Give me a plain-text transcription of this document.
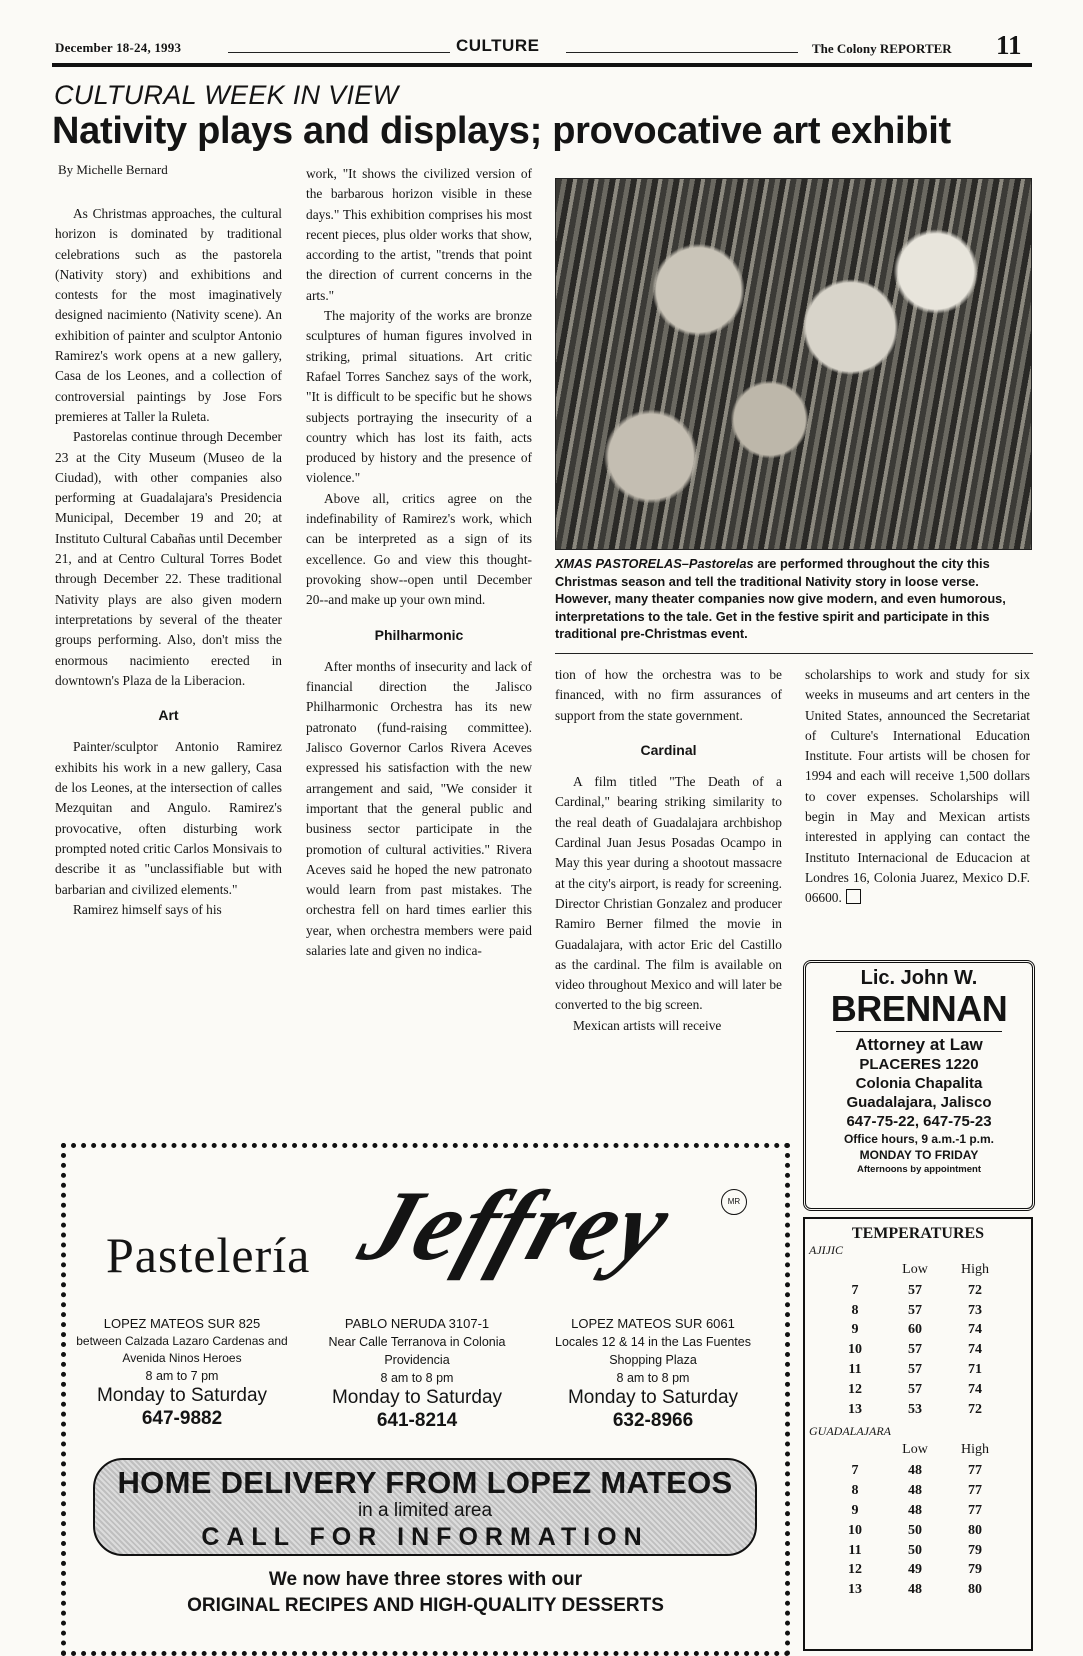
December 18-24, 1993	CULTURE	The Colony REPORTER 11
CULTURAL WEEK IN VIEW
Nativity plays and displays; provocative art exhibit
By Michelle Bernard

As Christmas approaches, the cultural horizon is dominated by traditional celebrations such as the pastorela (Nativity story) and exhibitions and contests for the most imaginatively designed nacimiento (Nativity scene). An exhibition of painter and sculptor Antonio Ramirez's work opens at a new gallery, Casa de los Leones, and a collection of controversial paintings by Jose Fors premieres at Taller la Ruleta.

Pastorelas continue through December 23 at the City Museum (Museo de la Ciudad), with other companies also performing at Guadalajara's Presidencia Municipal, December 19 and 20; at Instituto Cultural Cabañas until December 21, and at Centro Cultural Torres Bodet through December 22. These traditional Nativity plays are also given modern interpretations by several of the theater groups performing. Also, don't miss the enormous nacimiento erected in downtown's Plaza de la Liberacion.

Art

Painter/sculptor Antonio Ramirez exhibits his work in a new gallery, Casa de los Leones, at the intersection of calles Mezquitan and Angulo. Ramirez's provocative, often disturbing work prompted noted critic Carlos Monsivais to describe it as "unclassifiable but with barbarian and civilized elements."

Ramirez himself says of his

work, "It shows the civilized version of the barbarous horizon visible in these days." This exhibition comprises his most recent pieces, plus older works that show, according to the artist, "trends that point the direction of current concerns in the arts."

The majority of the works are bronze sculptures of human figures involved in striking, primal situations. Art critic Rafael Torres Sanchez says of the work, "It is difficult to be specific but he shows subjects portraying the insecurity of a country which has lost its faith, acts produced by history and the presence of violence."

Above all, critics agree on the indefinability of Ramirez's work, which can be interpreted as a sign of its excellence. Go and view this thought-provoking show--open until December 20--and make up your own mind.

Philharmonic

After months of insecurity and lack of financial direction the Jalisco Philharmonic Orchestra has its new patronato (fund-raising committee). Jalisco Governor Carlos Rivera Aceves expressed his satisfaction with the new arrangement and said, "We consider it important that the general public and business sector participate in the promotion of cultural activities." Rivera Aceves said he hoped the new patronato would learn from past mistakes. The orchestra fell on hard times earlier this year, when orchestra members were paid salaries late and given no indica-

XMAS PASTORELAS–Pastorelas are performed throughout the city this Christmas season and tell the traditional Nativity story in loose verse. However, many theater companies now give modern, and even humorous, interpretations to the tale. Get in the festive spirit and participate in this traditional pre-Christmas event.

tion of how the orchestra was to be financed, with no firm assurances of support from the state government.

Cardinal

A film titled "The Death of a Cardinal," bearing striking similarity to the real death of Guadalajara archbishop Cardinal Juan Jesus Posadas Ocampo in May this year during a shootout massacre at the city's airport, is ready for screening. Director Christian Gonzalez and producer Ramiro Berner filmed the movie in Guadalajara, with actor Eric del Castillo as the cardinal. The film is available on video throughout Mexico and will later be converted to the big screen.

Mexican artists will receive

scholarships to work and study for six weeks in museums and art centers in the United States, announced the Secretariat of Culture's International Education Institute. Four artists will be chosen for 1994 and each will receive 1,500 dollars to cover expenses. Scholarships will begin in May and Mexican artists interested in applying can contact the Instituto Internacional de Educacion at Londres 16, Colonia Juarez, Mexico D.F. 06600.

Lic. John W.
BRENNAN
Attorney at Law
PLACERES 1220
Colonia Chapalita
Guadalajara, Jalisco
647-75-22, 647-75-23
Office hours, 9 a.m.-1 p.m.
MONDAY TO FRIDAY
Afternoons by appointment
TEMPERATURES
AJIJIC
	Low	High
7	57	72
8	57	73
9	60	74
10	57	74
11	57	71
12	57	74
13	53	72
GUADALAJARA
	Low	High
7	48	77
8	48	77
9	48	77
10	50	80
11	50	79
12	49	79
13	48	80
Pastelería Jeffrey	MR
LOPEZ MATEOS SUR 825
between Calzada Lazaro Cardenas and Avenida Ninos Heroes
8 am to 7 pm
Monday to Saturday
647-9882
PABLO NERUDA 3107-1
Near Calle Terranova in Colonia Providencia
8 am to 8 pm
Monday to Saturday
641-8214
LOPEZ MATEOS SUR 6061
Locales 12 & 14 in the Las Fuentes Shopping Plaza
8 am to 8 pm
Monday to Saturday
632-8966
HOME DELIVERY FROM LOPEZ MATEOS
in a limited area
CALL FOR INFORMATION
We now have three stores with our
ORIGINAL RECIPES AND HIGH-QUALITY DESSERTS
